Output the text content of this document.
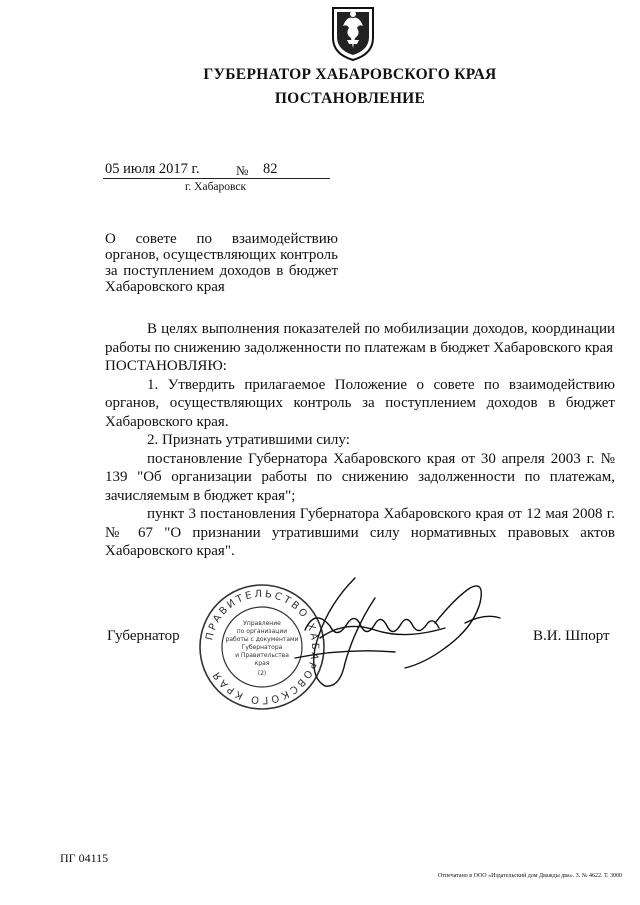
ГУБЕРНАТОР ХАБАРОВСКОГО КРАЯ
ПОСТАНОВЛЕНИЕ
05 июля 2017 г.	№ 82
г. Хабаровск
О совете по взаимодействию органов, осуществляющих контроль за поступлением доходов в бюджет Хабаровского края

В целях выполнения показателей по мобилизации доходов, координации работы по снижению задолженности по платежам в бюджет Хабаровского края

ПОСТАНОВЛЯЮ:

1. Утвердить прилагаемое Положение о совете по взаимодействию органов, осуществляющих контроль за поступлением доходов в бюджет Хабаровского края.

2. Признать утратившими силу:

постановление Губернатора Хабаровского края от 30 апреля 2003 г. № 139 "Об организации работы по снижению задолженности по платежам, зачисляемым в бюджет края";

пункт 3 постановления Губернатора Хабаровского края от 12 мая 2008 г. № 67 "О признании утратившими силу нормативных правовых актов Хабаровского края".

Губернатор	В.И. Шпорт
ПРАВИТЕЛЬСТВО ХАБАРОВСКОГО КРАЯ
Управление
по организации
работы с документами
Губернатора
и Правительства
края
(2)
ПГ 04115
Отпечатано в ООО «Издательский дом Дважды два». З. № 4622. Т. 3000
